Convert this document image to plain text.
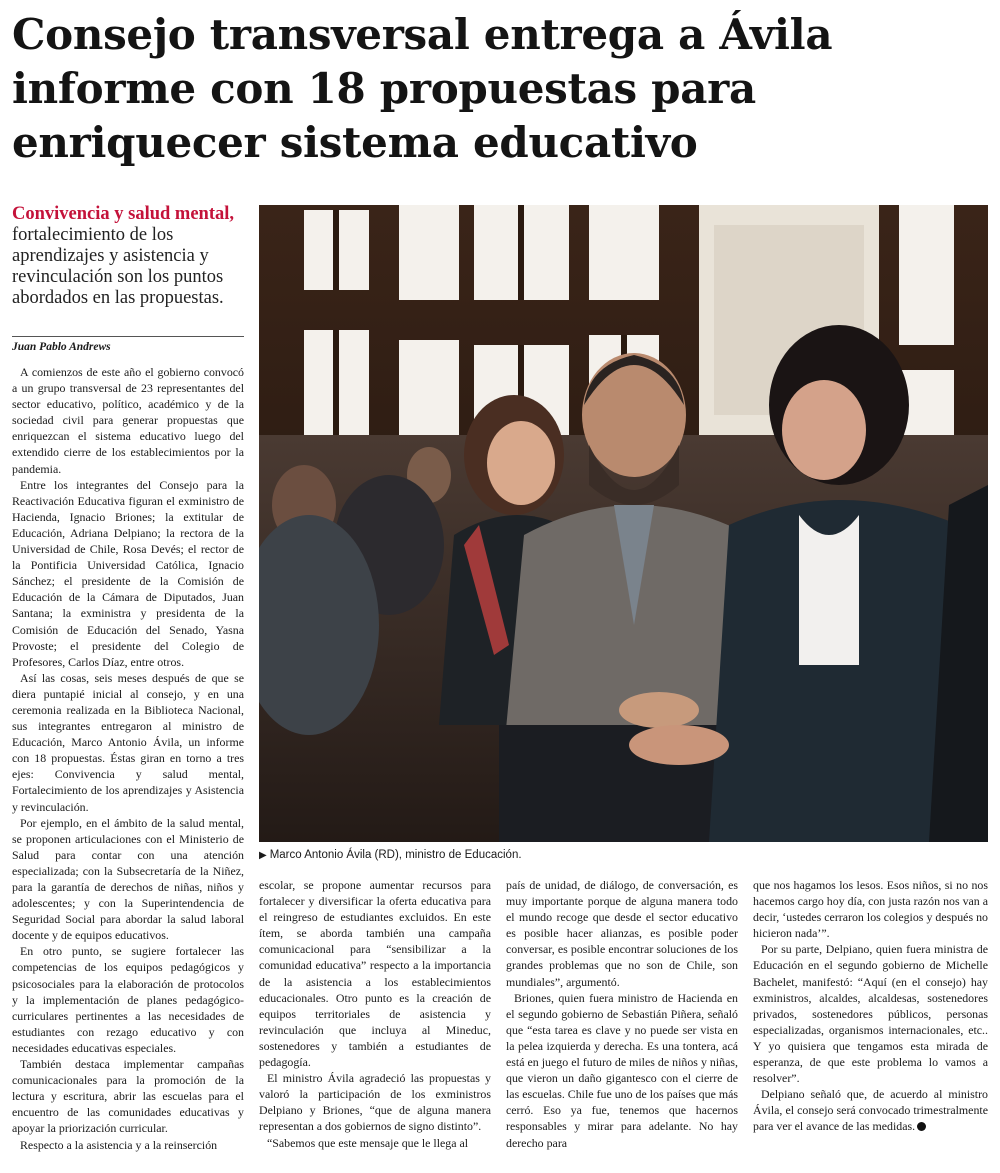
Consejo transversal entrega a Ávila
informe con 18 propuestas para
enriquecer sistema educativo
Convivencia y salud mental, fortalecimiento de los aprendizajes y asistencia y revinculación son los puntos abordados en las propuestas.
Juan Pablo Andrews

A comienzos de este año el gobierno convocó a un grupo transversal de 23 representantes del sector educativo, político, académico y de la sociedad civil para generar propuestas que enriquezcan el sistema educativo luego del extendido cierre de los establecimientos por la pandemia.

Entre los integrantes del Consejo para la Reactivación Educativa figuran el exministro de Hacienda, Ignacio Briones; la extitular de Educación, Adriana Delpiano; la rectora de la Universidad de Chile, Rosa Devés; el rector de la Pontificia Universidad Católica, Ignacio Sánchez; el presidente de la Comisión de Educación de la Cámara de Diputados, Juan Santana; la exministra y presidenta de la Comisión de Educación del Senado, Yasna Provoste; el presidente del Colegio de Profesores, Carlos Díaz, entre otros.

Así las cosas, seis meses después de que se diera puntapié inicial al consejo, y en una ceremonia realizada en la Biblioteca Nacional, sus integrantes entregaron al ministro de Educación, Marco Antonio Ávila, un informe con 18 propuestas. Éstas giran en torno a tres ejes: Convivencia y salud mental, Fortalecimiento de los aprendizajes y Asistencia y revinculación.

Por ejemplo, en el ámbito de la salud mental, se proponen articulaciones con el Ministerio de Salud para contar con una atención especializada; con la Subsecretaría de la Niñez, para la garantía de derechos de niñas, niños y adolescentes; y con la Superintendencia de Seguridad Social para abordar la salud laboral docente y de equipos educativos.

En otro punto, se sugiere fortalecer las competencias de los equipos pedagógicos y psicosociales para la elaboración de protocolos y la implementación de planes pedagógico-curriculares pertinentes a las necesidades de estudiantes con rezago educativo y con necesidades educativas especiales.

También destaca implementar campañas comunicacionales para la promoción de la lectura y escritura, abrir las escuelas para el encuentro de las comunidades educativas y apoyar la priorización curricular.

Respecto a la asistencia y a la reinserción

▶ Marco Antonio Ávila (RD), ministro de Educación.

escolar, se propone aumentar recursos para fortalecer y diversificar la oferta educativa para el reingreso de estudiantes excluidos. En este ítem, se aborda también una campaña comunicacional para “sensibilizar a la comunidad educativa” respecto a la importancia de la asistencia a los establecimientos educacionales. Otro punto es la creación de equipos territoriales de asistencia y revinculación que incluya al Mineduc, sostenedores y también a estudiantes de pedagogía.

El ministro Ávila agradeció las propuestas y valoró la participación de los exministros Delpiano y Briones, “que de alguna manera representan a dos gobiernos de signo distinto”.

“Sabemos que este mensaje que le llega al

país de unidad, de diálogo, de conversación, es muy importante porque de alguna manera todo el mundo recoge que desde el sector educativo es posible hacer alianzas, es posible poder conversar, es posible encontrar soluciones de los grandes problemas que no son de Chile, son mundiales”, argumentó.

Briones, quien fuera ministro de Hacienda en el segundo gobierno de Sebastián Piñera, señaló que “esta tarea es clave y no puede ser vista en la pelea izquierda y derecha. Es una tontera, acá está en juego el futuro de miles de niños y niñas, que vieron un daño gigantesco con el cierre de las escuelas. Chile fue uno de los países que más cerró. Eso ya fue, tenemos que hacernos responsables y mirar para adelante. No hay derecho para

que nos hagamos los lesos. Esos niños, si no nos hacemos cargo hoy día, con justa razón nos van a decir, ‘ustedes cerraron los colegios y después no hicieron nada’”.

Por su parte, Delpiano, quien fuera ministra de Educación en el segundo gobierno de Michelle Bachelet, manifestó: “Aquí (en el consejo) hay exministros, alcaldes, alcaldesas, sostenedores privados, sostenedores públicos, personas especializadas, organismos internacionales, etc.. Y yo quisiera que tengamos esta mirada de esperanza, de que este problema lo vamos a resolver”.

Delpiano señaló que, de acuerdo al ministro Ávila, el consejo será convocado trimestralmente para ver el avance de las medidas.
